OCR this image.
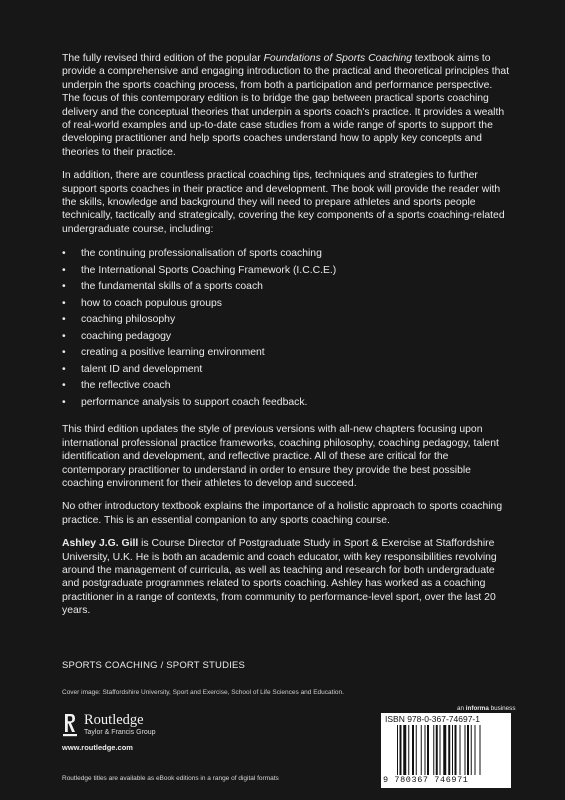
The fully revised third edition of the popular Foundations of Sports Coaching textbook aims to provide a comprehensive and engaging introduction to the practical and theoretical principles that underpin the sports coaching process, from both a participation and performance perspective. The focus of this contemporary edition is to bridge the gap between practical sports coaching delivery and the conceptual theories that underpin a sports coach's practice. It provides a wealth of real-world examples and up-to-date case studies from a wide range of sports to support the developing practitioner and help sports coaches understand how to apply key concepts and theories to their practice.

In addition, there are countless practical coaching tips, techniques and strategies to further support sports coaches in their practice and development. The book will provide the reader with the skills, knowledge and background they will need to prepare athletes and sports people technically, tactically and strategically, covering the key components of a sports coaching-related undergraduate course, including:

• the continuing professionalisation of sports coaching
• the International Sports Coaching Framework (I.C.C.E.)
• the fundamental skills of a sports coach
• how to coach populous groups
• coaching philosophy
• coaching pedagogy
• creating a positive learning environment
• talent ID and development
• the reflective coach
• performance analysis to support coach feedback.

This third edition updates the style of previous versions with all-new chapters focusing upon international professional practice frameworks, coaching philosophy, coaching pedagogy, talent identification and development, and reflective practice. All of these are critical for the contemporary practitioner to understand in order to ensure they provide the best possible coaching environment for their athletes to develop and succeed.

No other introductory textbook explains the importance of a holistic approach to sports coaching practice. This is an essential companion to any sports coaching course.

Ashley J.G. Gill is Course Director of Postgraduate Study in Sport & Exercise at Staffordshire University, U.K. He is both an academic and coach educator, with key responsibilities revolving around the management of curricula, as well as teaching and research for both undergraduate and postgraduate programmes related to sports coaching. Ashley has worked as a coaching practitioner in a range of contexts, from community to performance-level sport, over the last 20 years.

SPORTS COACHING / SPORT STUDIES
Cover image: Staffordshire University, Sport and Exercise, School of Life Sciences and Education.
Routledge
Taylor & Francis Group
www.routledge.com
Routledge titles are available as eBook editions in a range of digital formats
an informa business
ISBN 978-0-367-74697-1
9 780367 746971
